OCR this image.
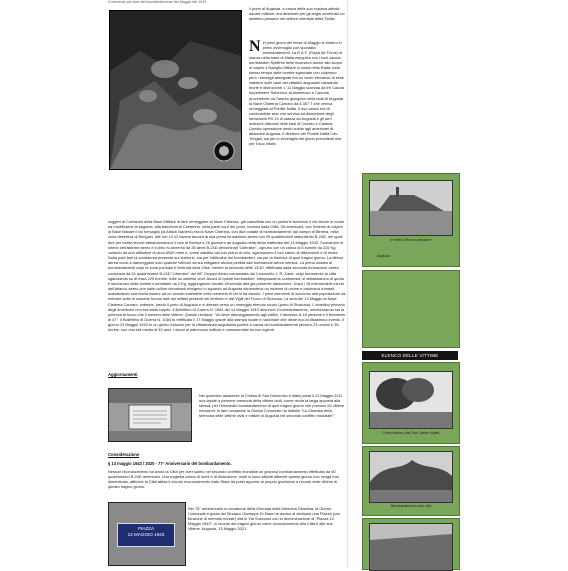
Il momento più duro del bombardamento del Maggio del 1943
Il porto di Augusta, a causa della sua copiosa attività navale militare, era diventato per gli anglo-americani un obiettivo primario nel settore orientale della Sicilia.
N ei primi giorni del mese di Maggio si ebbero in primo avvenuglio con sporadici bombardamenti. La R.A.F. (Royal Air Force) di stanza nella base di Malta eseguiva con i suoi caccia-bombardieri Spitfires delle incursioni diurne allo scopo di colpire il Naviglio Militare in sosta nella Rada: nello stesso tempo delle bombe sganciate non colpirono però i bersagli assegnati ma un vuoto rilevando di esse caddero sulle case dei cittadini augustani causando morte e distruzione. L'11 Maggio scortata da tre Caccia torpediniere Sebenico, Ardimentoso e Caccioe, proveniente da Taranto giungeva nella rada di Augusta la Nave Cisterna Carnaro da 8.357 T che veniva ormeggiata al Pontile Nafta. Il suo carico era di combustibile avio che serviva ad alimentare degli idrovolanti RS 14 di stanza ad Augusta e gli aeri todeschi dislocati nelle basi di Comiso e Catania. Questa operazione destò subito agli americani di attaccare Augusta. Il direttore del Pontile Nafta Cav. Tringali, sai per lo avvelaglio dei giorni precedenti che per il suo intuito
suggerì al Comando della Base Militare di fare ormeggiare la Nave Cisterna, già camuffata con un pontone fumarolo e del telone in modo da modificarne la sagoma, alla banchina di Camerina, nella parte nord del porto, lontano dalla Città. Gli americani, con l'intento di colpire la Base Navale il cui bersaglio (la Attack Naviera) era la Nave Cisterna, con due ondate di bombardamenti; dal campo di Berteia, nella zona desertica di Bengasi, alle ore 10:12 faceva ancora la sua prima formazione aerea con 29 quadrimotori statunitensi B-24D, dei quali due per motivi tecnici abbandonarono il volo di Bonina e 26 giunsero ad Augusta nella tarda mattinata del 13 Maggio 1943. Suonarono le sirene dell'allarme aereo e il cielo fu annerito da 26 aerei B-24D denominati "Liberator", ognuno con un carico di 8 bombe da 225 Kg. volando ad una altitudine di circa 6000 metri e, come stabilito dal loro piano di volo, sganciarono il loro carico di distruzione e di morte. Nulla potè fare la contraerea presente sul territorio, sia per l'altitudine dei bombardieri, sia per la fraziòne di quel tragico giorno. La difesa aerea nuovi a danneggiare solo qualche velivolo senza mitigaere alcuna perdita alla formazione aerea nemica. La prima ondata di bombardamenti colpì la zona portuale e limitrofa della Città, mentre la seconda delle 13:40, effettuata dalla seconda formazione aerea composta da 24 quadrimotori B-24D "Liberator" del 98° Gruppo Aereo comandata dal Colonnello J. R. Kane, colpì duramente la città sganciando su di essa 225 bombe, tutte su obiettivi civili. Alcuni di questi bombardieri, oltrepassati la contraerea, si abbassarono di quota e lanciarono delle bombe incendiarie da 2 Kg, aggiungendo forzate d'incendio alla già presente distruzione. Dopo i 18 interminabili minuti dell'attacco aereo che dalle colline circostanti rivolgevo lo sguardo ad Augusta intravedeva un insieme di rovine e calcinacci fumanti, scavalcando una livella essere ad un ricordo indelebile nella memoria di chi lo ha vissuto. I primi interventi di soccorso alla popolazione da estrarre sotto le macerie furono dati dai militari presenti nel territorio e dai Vigili del Fuoco di Siracusa. La sera del 13 Maggio la Nave Cisterna Carnaro, indenne, lasciò il porto di Augusta e si diresse verso un ormeggio ritenuto sicuro (porto di Siracusa). L'obiettivo primario degli americani non era stato colpito. Il Bollettino di Guerra N. 1084 del 14 Maggio 1943 denunciò il bombardamento, minimizzando sia la potenza di fuoco che il numero delle vittime. Questo recitava: "Un lieve danneggiamento agli edifici, il decesso di 16 persone e il ferimento di 47". Il Bollettino di Guerra N. 1084 fu rettificato il 17 Maggio grazie alla stampa locale e nazionale che diede eco al disastroso evento. Il giorno 13 Maggio 1943 fu un giorno luttuoso per la cittadinanza augustana poiché a causa dei bombardamenti persero 23 uomini e 39 donne, con una età media di 32 anni. I danni al patrimonio edilizio e monumentale furono ingenti.
Aggiornamenti
Nel quadrivio adiacente la Chiesa di San Domenico è stata posta il 13 Maggio 2011 una lapide a perenne memoria della vittime civili, come recita la targa apposta alla stessa, per l'insensato bombardamento di quel tragico giorno che provocò 62 vittime innocenti. In tale occasione la Giunta Comunale ha istituito "La Giornata della Memoria delle vittime civili e militari di Augusta nel secondo conflitto mondiale".
Considerazione
§ 13 maggio 1943 / 2020 - 77° Anniversario del bombardamento.
Nessun riconoscimento ha avuto la Città per aver subito nel secondo conflitto mondiale un gravoso bombardamento effettuato da 50 quadrimotori B-24D americani. Una tragedia colma di morti e di distruzione, molti si sono attivati affinché questo giorno non venga mai dimenticato, affinché la Città abbia il dovuto riconoscimento dallo Stato da poter apporre al proprio gonfalone a ricordo delle vittime di questo tragico giorno.
PIAZZA
13 MAGGIO 1943
Nel 78° anniversario in occasione della Giornata della Memoria Cittadina, la Giunta Comunale e guida del Sindaco Giuseppe Di Mare ha deciso di dedicare una Piazza (con funzione di mercato rionale) sita in Via Soccorso con la denominazione di "Piazza 13 Maggio 1943", in ricordo del tragico giorno come riconoscimento alla Città e alle sue Vittime. Augusta, 13 Maggio 2021.
Il relitto Vittorio Liberatore
Augusta
ELENCO DELLE VITTIME
Fumo intenso dal Dep. Nafta colpito
Bombardamento alla città
